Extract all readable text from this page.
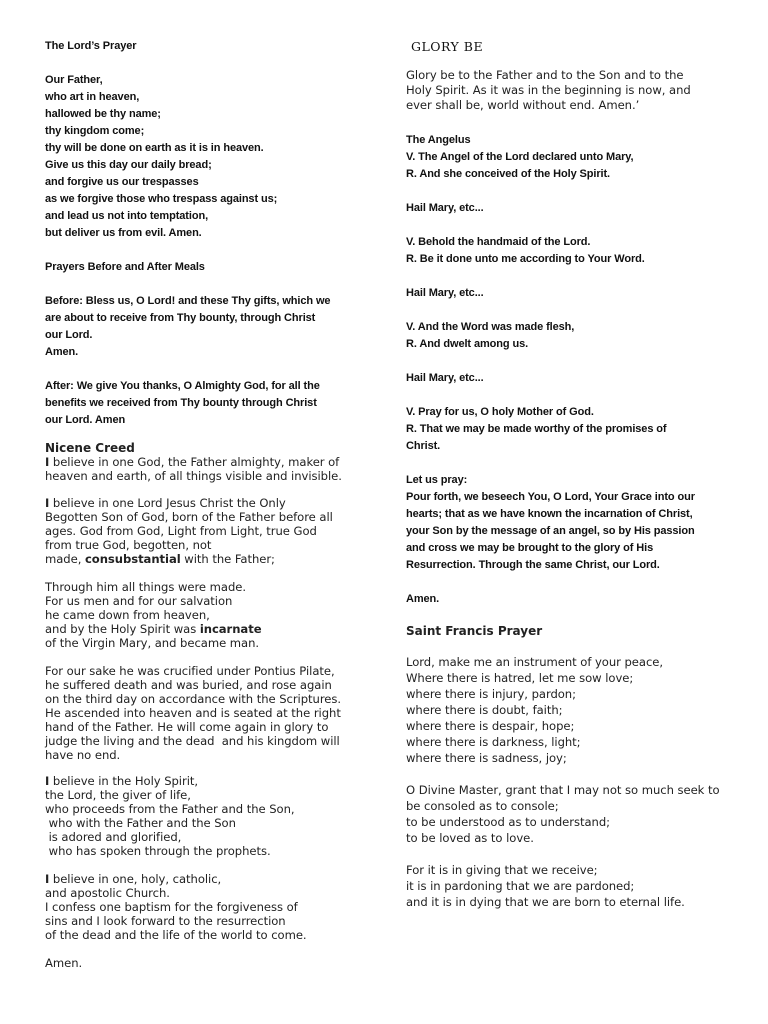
The Lord’s Prayer
Our Father,
who art in heaven,
hallowed be thy name;
thy kingdom come;
thy will be done on earth as it is in heaven.
Give us this day our daily bread;
and forgive us our trespasses
as we forgive those who trespass against us;
and lead us not into temptation,
but deliver us from evil. Amen.
Prayers Before and After Meals
Before: Bless us, O Lord! and these Thy gifts, which we
are about to receive from Thy bounty, through Christ
our Lord.
Amen.
After: We give You thanks, O Almighty God, for all the
benefits we received from Thy bounty through Christ
our Lord. Amen
Nicene Creed
I believe in one God, the Father almighty, maker of
heaven and earth, of all things visible and invisible.
I believe in one Lord Jesus Christ the Only
Begotten Son of God, born of the Father before all
ages. God from God, Light from Light, true God
from true God, begotten, not
made, consubstantial with the Father;
Through him all things were made.
For us men and for our salvation
he came down from heaven,
and by the Holy Spirit was incarnate
of the Virgin Mary, and became man.
For our sake he was crucified under Pontius Pilate,
he suffered death and was buried, and rose again
on the third day on accordance with the Scriptures.
He ascended into heaven and is seated at the right
hand of the Father. He will come again in glory to
judge the living and the dead  and his kingdom will
have no end.
I believe in the Holy Spirit,
the Lord, the giver of life,
who proceeds from the Father and the Son,
who with the Father and the Son
is adored and glorified,
who has spoken through the prophets.
I believe in one, holy, catholic,
and apostolic Church.
I confess one baptism for the forgiveness of
sins and I look forward to the resurrection
of the dead and the life of the world to come.
Amen.
GLORY BE
Glory be to the Father and to the Son and to the
Holy Spirit. As it was in the beginning is now, and
ever shall be, world without end. Amen.’
The Angelus
V. The Angel of the Lord declared unto Mary,
R. And she conceived of the Holy Spirit.
Hail Mary, etc...
V. Behold the handmaid of the Lord.
R. Be it done unto me according to Your Word.
Hail Mary, etc...
V. And the Word was made flesh,
R. And dwelt among us.
Hail Mary, etc...
V. Pray for us, O holy Mother of God.
R. That we may be made worthy of the promises of
Christ.
Let us pray:
Pour forth, we beseech You, O Lord, Your Grace into our
hearts; that as we have known the incarnation of Christ,
your Son by the message of an angel, so by His passion
and cross we may be brought to the glory of His
Resurrection. Through the same Christ, our Lord.
Amen.
Saint Francis Prayer
Lord, make me an instrument of your peace,
Where there is hatred, let me sow love;
where there is injury, pardon;
where there is doubt, faith;
where there is despair, hope;
where there is darkness, light;
where there is sadness, joy;
O Divine Master, grant that I may not so much seek to
be consoled as to console;
to be understood as to understand;
to be loved as to love.
For it is in giving that we receive;
it is in pardoning that we are pardoned;
and it is in dying that we are born to eternal life.
